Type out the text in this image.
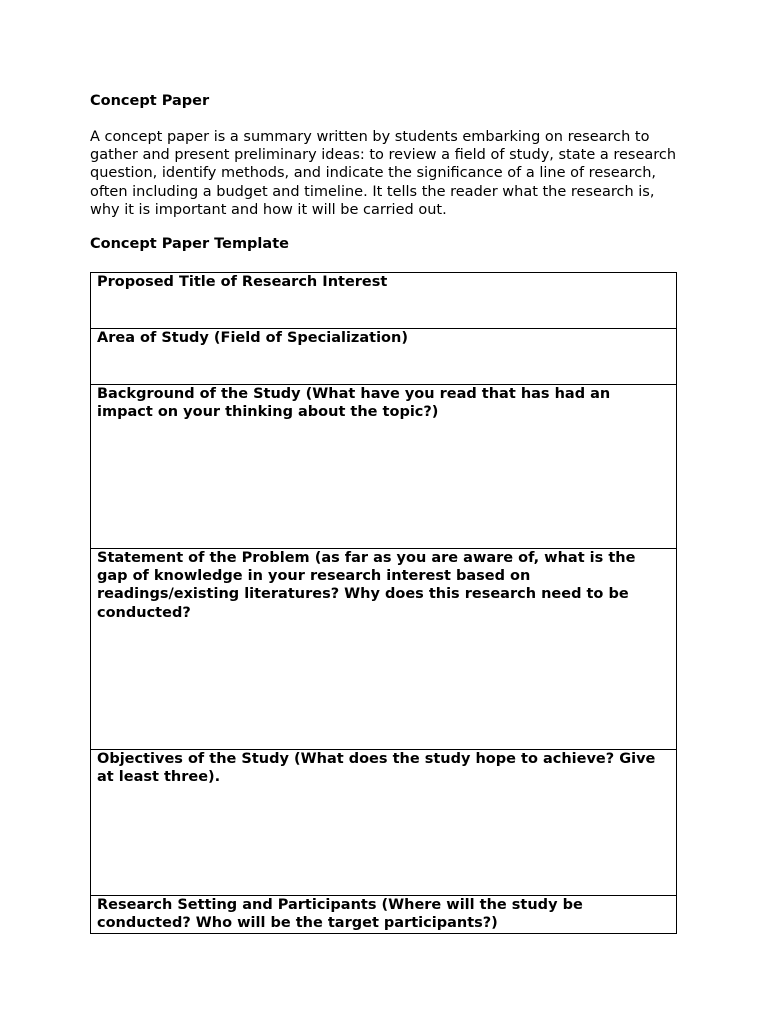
Concept Paper

A concept paper is a summary written by students embarking on research to gather and present preliminary ideas: to review a field of study, state a research question, identify methods, and indicate the significance of a line of research, often including a budget and timeline. It tells the reader what the research is, why it is important and how it will be carried out.

Concept Paper Template

Proposed Title of Research Interest

Area of Study (Field of Specialization)

Background of the Study (What have you read that has had an impact on your thinking about the topic?)

Statement of the Problem (as far as you are aware of, what is the gap of knowledge in your research interest based on readings/existing literatures? Why does this research need to be conducted?

Objectives of the Study (What does the study hope to achieve? Give at least three).

Research Setting and Participants (Where will the study be conducted? Who will be the target participants?)
